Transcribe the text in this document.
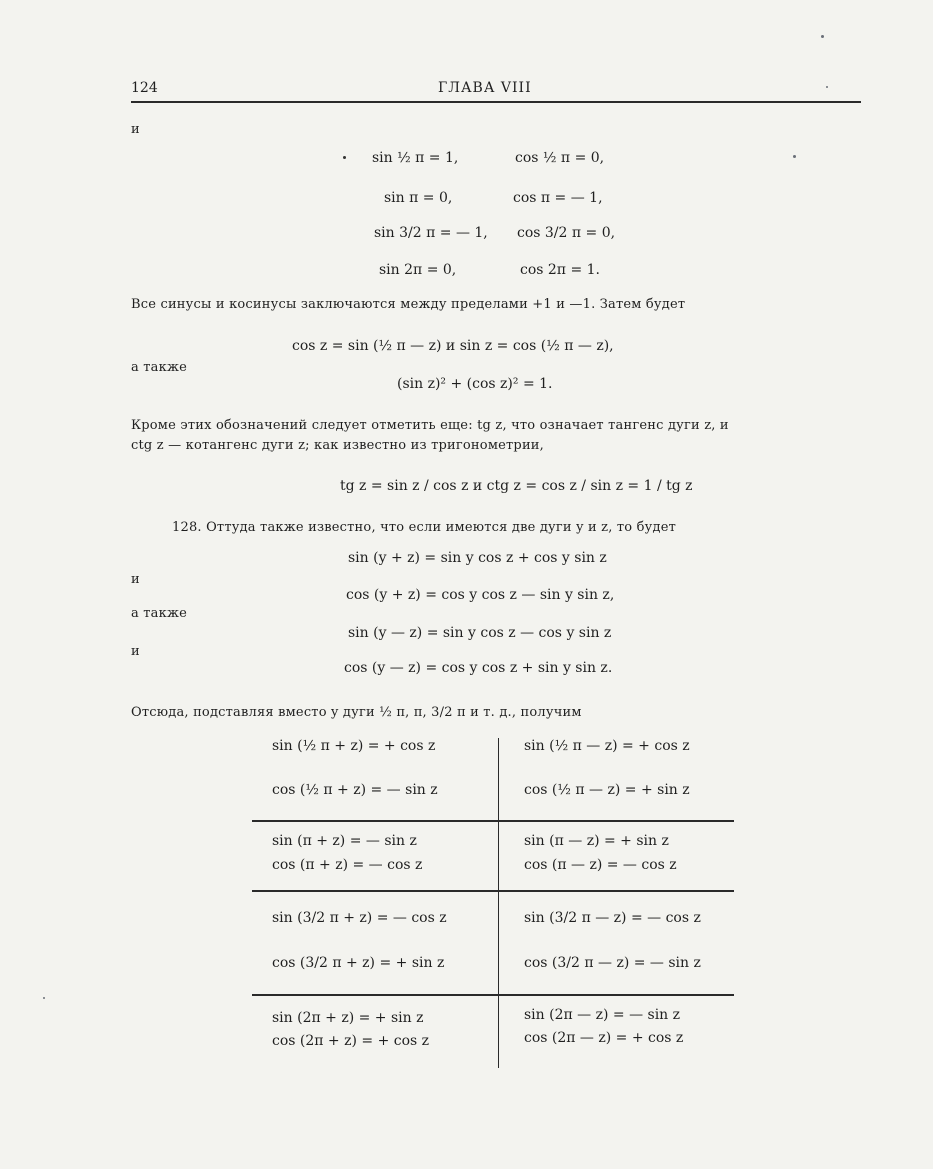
124	ГЛАВА VIII
и
sin ½ π = 1,	cos ½ π = 0,
sin π = 0,	cos π = — 1,
sin 3/2 π = — 1, cos 3/2 π = 0,
sin 2π = 0,	cos 2π = 1.
Все синусы и косинусы заключаются между пределами +1 и —1. Затем будет
cos z = sin (½ π — z) и sin z = cos (½ π — z),
а также
(sin z)² + (cos z)² = 1.
Кроме этих обозначений следует отметить еще: tg z, что означает тангенс дуги z, и
ctg z — котангенс дуги z; как известно из тригонометрии,
tg z = sin z / cos z и ctg z = cos z / sin z = 1 / tg z
128. Оттуда также известно, что если имеются две дуги y и z, то будет
sin (y + z) = sin y cos z + cos y sin z
и
cos (y + z) = cos y cos z — sin y sin z,
а также
sin (y — z) = sin y cos z — cos y sin z
и
cos (y — z) = cos y cos z + sin y sin z.
Отсюда, подставляя вместо y дуги ½ π, π, 3/2 π и т. д., получим
sin (½ π + z) = + cos z	sin (½ π — z) = + cos z
cos (½ π + z) = — sin z	cos (½ π — z) = + sin z
sin (π + z) = — sin z	sin (π — z) = + sin z
cos (π + z) = — cos z	cos (π — z) = — cos z
sin (3/2 π + z) = — cos z	sin (3/2 π — z) = — cos z
cos (3/2 π + z) = + sin z	cos (3/2 π — z) = — sin z
sin (2π + z) = + sin z	sin (2π — z) = — sin z
cos (2π + z) = + cos z	cos (2π — z) = + cos z
